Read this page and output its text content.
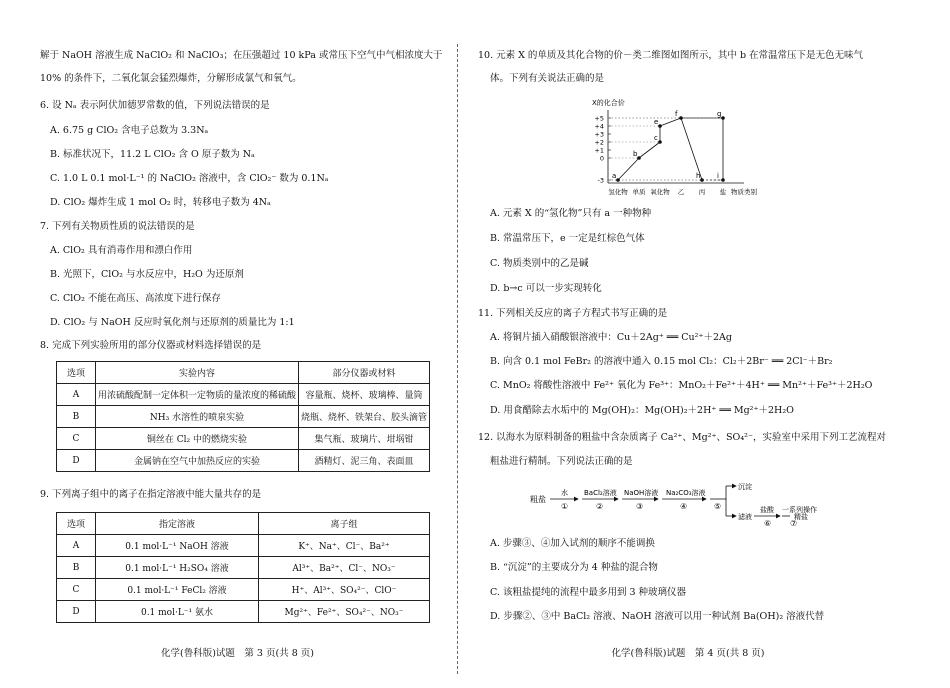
解于 NaOH 溶液生成 NaClO₂ 和 NaClO₃；在压强超过 10 kPa 或常压下空气中气相浓度大于
10% 的条件下，二氧化氯会猛烈爆炸，分解形成氯气和氧气。
6. 设 Nₐ 表示阿伏加德罗常数的值，下列说法错误的是
A. 6.75 g ClO₂ 含电子总数为 3.3Nₐ
B. 标准状况下，11.2 L ClO₂ 含 O 原子数为 Nₐ
C. 1.0 L 0.1 mol·L⁻¹ 的 NaClO₂ 溶液中，含 ClO₂⁻ 数为 0.1Nₐ
D. ClO₂ 爆炸生成 1 mol O₂ 时，转移电子数为 4Nₐ
7. 下列有关物质性质的说法错误的是
A. ClO₂ 具有消毒作用和漂白作用
B. 光照下，ClO₂ 与水反应中，H₂O 为还原剂
C. ClO₂ 不能在高压、高浓度下进行保存
D. ClO₂ 与 NaOH 反应时氧化剂与还原剂的质量比为 1:1
8. 完成下列实验所用的部分仪器或材料选择错误的是
选项	实验内容	部分仪器或材料
A	用浓硫酸配制一定体积一定物质的量浓度的稀硫酸	容量瓶、烧杯、玻璃棒、量筒
B	NH₃ 水溶性的喷泉实验	烧瓶、烧杯、铁架台、胶头滴管
C	铜丝在 Cl₂ 中的燃烧实验	集气瓶、玻璃片、坩埚钳
D	金属钠在空气中加热反应的实验	酒精灯、泥三角、表面皿
9. 下列离子组中的离子在指定溶液中能大量共存的是
选项	指定溶液	离子组
A	0.1 mol·L⁻¹ NaOH 溶液	K⁺、Na⁺、Cl⁻、Ba²⁺
B	0.1 mol·L⁻¹ H₂SO₄ 溶液	Al³⁺、Ba²⁺、Cl⁻、NO₃⁻
C	0.1 mol·L⁻¹ FeCl₂ 溶液	H⁺、Al³⁺、SO₄²⁻、ClO⁻
D	0.1 mol·L⁻¹ 氨水	Mg²⁺、Fe²⁺、SO₄²⁻、NO₃⁻
化学(鲁科版)试题　第 3 页(共 8 页)
10. 元素 X 的单质及其化合物的价－类二维图如图所示，其中 b 在常温常压下是无色无味气
体。下列有关说法正确的是
X的化合价
+5
+4
+3
+2
+1
0
-3
氢化物 单质 氧化物 乙 丙 盐 物质类别
a
b
c
e
f	g
h i
A. 元素 X 的“氢化物”只有 a 一种物种
B. 常温常压下，e 一定是红棕色气体
C. 物质类别中的乙是碱
D. b→c 可以一步实现转化
11. 下列相关反应的离子方程式书写正确的是
A. 将铜片插入硝酸银溶液中：Cu＋2Ag⁺ ══ Cu²⁺＋2Ag
B. 向含 0.1 mol FeBr₂ 的溶液中通入 0.15 mol Cl₂：Cl₂＋2Br⁻ ══ 2Cl⁻＋Br₂
C. MnO₂ 将酸性溶液中 Fe²⁺ 氧化为 Fe³⁺：MnO₂＋Fe²⁺＋4H⁺ ══ Mn²⁺＋Fe³⁺＋2H₂O
D. 用食醋除去水垢中的 Mg(OH)₂：Mg(OH)₂＋2H⁺ ══ Mg²⁺＋2H₂O
12. 以海水为原料制备的粗盐中含杂质离子 Ca²⁺、Mg²⁺、SO₄²⁻，实验室中采用下列工艺流程对
粗盐进行精制。下列说法正确的是
粗盐
水 BaCl₂溶液 NaOH溶液 Na₂CO₃溶液
①	②	③	④	⑤
沉淀
滤液
盐酸
⑥
一系列操作
⑦
精盐
A. 步骤③、④加入试剂的顺序不能调换
B. “沉淀”的主要成分为 4 种盐的混合物
C. 该粗盐提纯的流程中最多用到 3 种玻璃仪器
D. 步骤②、③中 BaCl₂ 溶液、NaOH 溶液可以用一种试剂 Ba(OH)₂ 溶液代替
化学(鲁科版)试题　第 4 页(共 8 页)
